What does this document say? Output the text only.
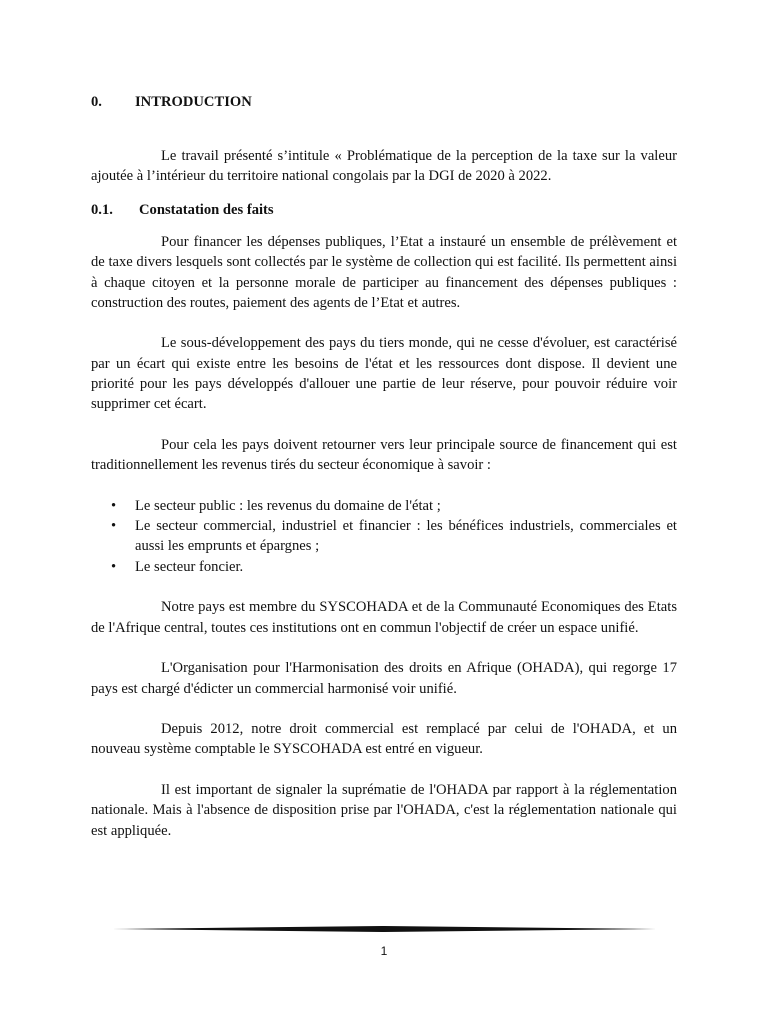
0. INTRODUCTION

Le travail présenté s’intitule « Problématique de la perception de la taxe sur la valeur ajoutée à l’intérieur du territoire national congolais par la DGI de 2020 à 2022.

0.1. Constatation des faits

Pour financer les dépenses publiques, l’Etat a instauré un ensemble de prélèvement et de taxe divers lesquels sont collectés par le système de collection qui est facilité. Ils permettent ainsi à chaque citoyen et la personne morale de participer au financement des dépenses publiques : construction des routes, paiement des agents de l’Etat et autres.

Le sous-développement des pays du tiers monde, qui ne cesse d'évoluer, est caractérisé par un écart qui existe entre les besoins de l'état et les ressources dont dispose. Il devient une priorité pour les pays développés d'allouer une partie de leur réserve, pour pouvoir réduire voir supprimer cet écart.

Pour cela les pays doivent retourner vers leur principale source de financement qui est traditionnellement les revenus tirés du secteur économique à savoir :

• Le secteur public : les revenus du domaine de l'état ;
• Le secteur commercial, industriel et financier : les bénéfices industriels, commerciales et aussi les emprunts et épargnes ;
• Le secteur foncier.

Notre pays est membre du SYSCOHADA et de la Communauté Economiques des Etats de l'Afrique central, toutes ces institutions ont en commun l'objectif de créer un espace unifié.

L'Organisation pour l'Harmonisation des droits en Afrique (OHADA), qui regorge 17 pays est chargé d'édicter un commercial harmonisé voir unifié.

Depuis 2012, notre droit commercial est remplacé par celui de l'OHADA, et un nouveau système comptable le SYSCOHADA est entré en vigueur.

Il est important de signaler la suprématie de l'OHADA par rapport à la réglementation nationale. Mais à l'absence de disposition prise par l'OHADA, c'est la réglementation nationale qui est appliquée.

1
